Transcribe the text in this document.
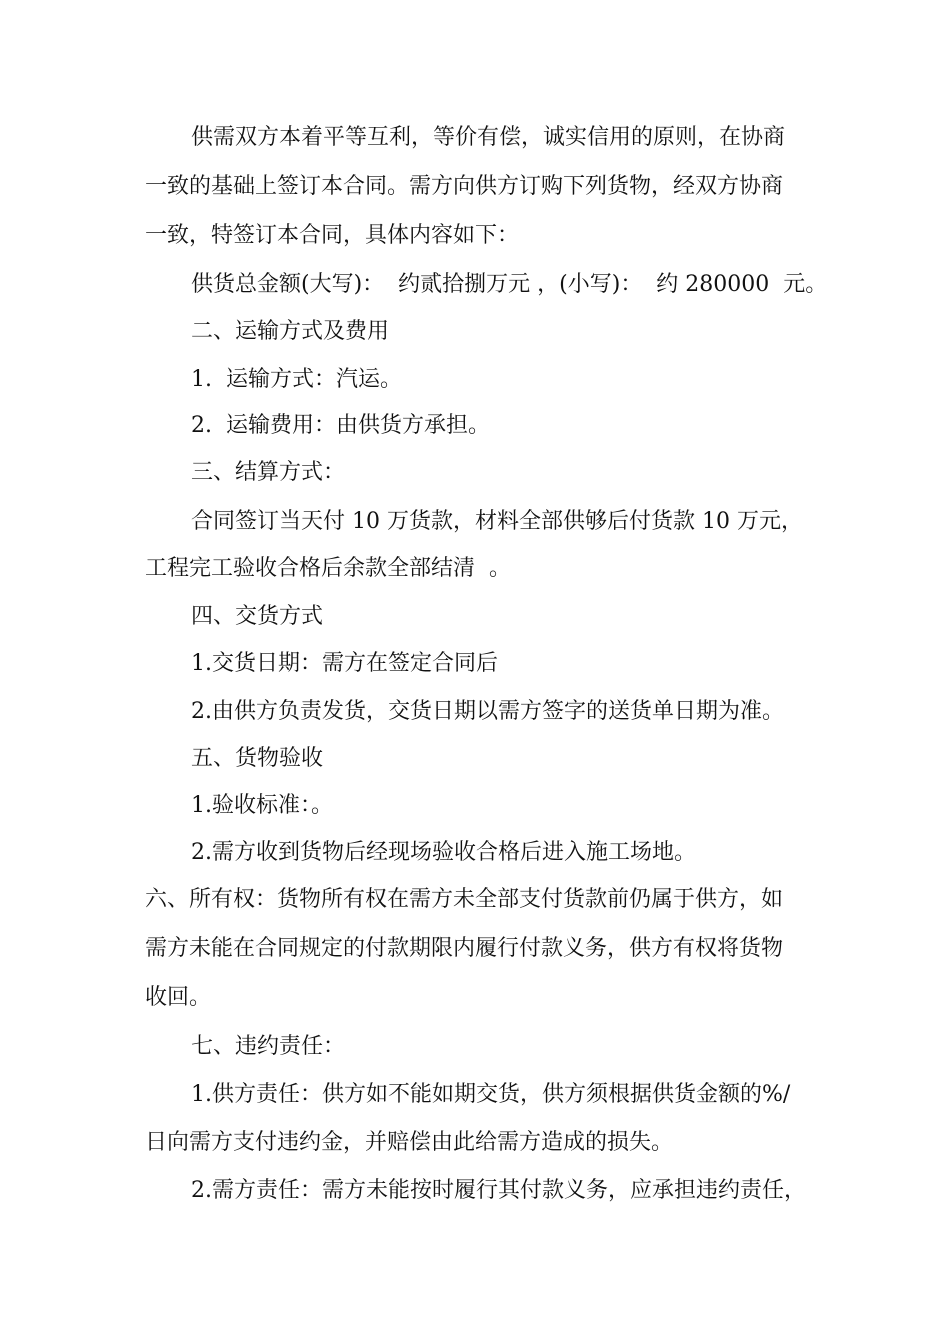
供需双方本着平等互利，等价有偿，诚实信用的原则，在协商
一致的基础上签订本合同。需方向供方订购下列货物，经双方协商
一致，特签订本合同，具体内容如下：
供货总金额(大写)：  约贰拾捌万元 ，(小写)：  约 280000  元。
二、运输方式及费用
1.  运输方式：汽运。
2.  运输费用：由供货方承担。
三、结算方式：
合同签订当天付 10 万货款，材料全部供够后付货款 10 万元，
工程完工验收合格后余款全部结清  。
四、交货方式
1.交货日期：需方在签定合同后
2.由供方负责发货，交货日期以需方签字的送货单日期为准。
五、货物验收
1.验收标准：。
2.需方收到货物后经现场验收合格后进入施工场地。
六、所有权：货物所有权在需方未全部支付货款前仍属于供方，如
需方未能在合同规定的付款期限内履行付款义务，供方有权将货物
收回。
七、违约责任：
1.供方责任：供方如不能如期交货，供方须根据供货金额的%/
日向需方支付违约金，并赔偿由此给需方造成的损失。
2.需方责任：需方未能按时履行其付款义务，应承担违约责任，
